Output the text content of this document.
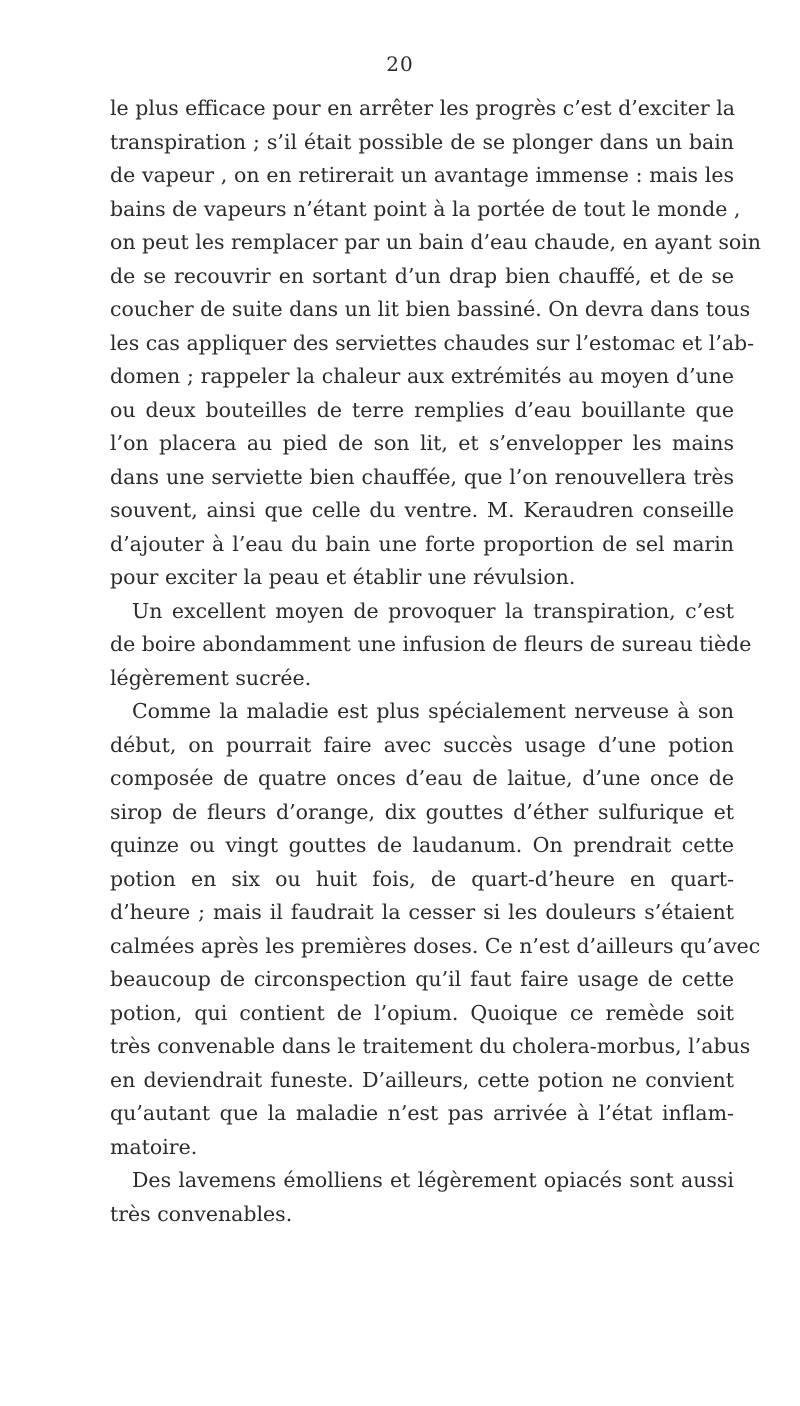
20
le plus efficace pour en arrêter les progrès c’est d’exciter la
transpiration ; s’il était possible de se plonger dans un bain
de vapeur , on en retirerait un avantage immense : mais les
bains de vapeurs n’étant point à la portée de tout le monde ,
on peut les remplacer par un bain d’eau chaude, en ayant soin
de se recouvrir en sortant d’un drap bien chauffé, et de se
coucher de suite dans un lit bien bassiné. On devra dans tous
les cas appliquer des serviettes chaudes sur l’estomac et l’ab-
domen ; rappeler la chaleur aux extrémités au moyen d’une
ou deux bouteilles de terre remplies d’eau bouillante que
l’on placera au pied de son lit, et s’envelopper les mains
dans une serviette bien chauffée, que l’on renouvellera très
souvent, ainsi que celle du ventre. M. Keraudren conseille
d’ajouter à l’eau du bain une forte proportion de sel marin
pour exciter la peau et établir une révulsion.
Un excellent moyen de provoquer la transpiration, c’est
de boire abondamment une infusion de fleurs de sureau tiède
légèrement sucrée.
Comme la maladie est plus spécialement nerveuse à son
début, on pourrait faire avec succès usage d’une potion
composée de quatre onces d’eau de laitue, d’une once de
sirop de fleurs d’orange, dix gouttes d’éther sulfurique et
quinze ou vingt gouttes de laudanum. On prendrait cette
potion en six ou huit fois, de quart-d’heure en quart-
d’heure ; mais il faudrait la cesser si les douleurs s’étaient
calmées après les premières doses. Ce n’est d’ailleurs qu’avec
beaucoup de circonspection qu’il faut faire usage de cette
potion, qui contient de l’opium. Quoique ce remède soit
très convenable dans le traitement du cholera-morbus, l’abus
en deviendrait funeste. D’ailleurs, cette potion ne convient
qu’autant que la maladie n’est pas arrivée à l’état inflam-
matoire.
Des lavemens émolliens et légèrement opiacés sont aussi
très convenables.
